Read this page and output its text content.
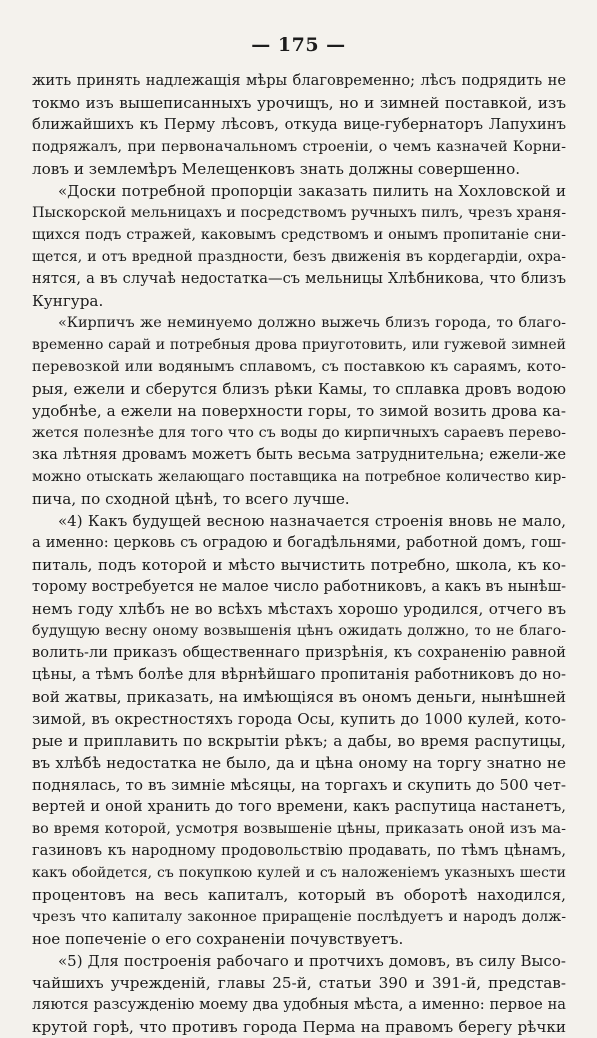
— 175 —
жить принять надлежащія мѣры благовременно; лѣсъ подрядить не
токмо изъ вышеписанныхъ урочищъ, но и зимней поставкой, изъ
ближайшихъ къ Перму лѣсовъ, откуда вице-губернаторъ Лапухинъ
подряжалъ, при первоначальномъ строеніи, о чемъ казначей Корни-
ловъ и землемѣръ Мелещенковъ знать должны совершенно.
«Доски потребной пропорціи заказать пилить на Хохловской и
Пыскорской мельницахъ и посредствомъ ручныхъ пилъ, чрезъ храня-
щихся подъ стражей, каковымъ средствомъ и онымъ пропитаніе сни-
щется, и отъ вредной праздности, безъ движенія въ кордегардіи, охра-
нятся, а въ случаѣ недостатка—съ мельницы Хлѣбникова, что близъ
Кунгура.
«Кирпичъ же неминуемо должно выжечь близъ города, то благо-
временно сарай и потребныя дрова приуготовить, или гужевой зимней
перевозкой или водянымъ сплавомъ, съ поставкою къ сараямъ, кото-
рыя, ежели и сберутся близъ рѣки Камы, то сплавка дровъ водою
удобнѣе, а ежели на поверхности горы, то зимой возить дрова ка-
жется полезнѣе для того что съ воды до кирпичныхъ сараевъ перево-
зка лѣтняя дровамъ можетъ быть весьма затруднительна; ежели-же
можно отыскать желающаго поставщика на потребное количество кир-
пича, по сходной цѣнѣ, то всего лучше.
«4) Какъ будущей весною назначается строенія вновь не мало,
а именно: церковь съ оградою и богадѣльнями, работной домъ, гош-
питаль, подъ которой и мѣсто вычистить потребно, школа, къ ко-
торому востребуется не малое число работниковъ, а какъ въ нынѣш-
немъ году хлѣбъ не во всѣхъ мѣстахъ хорошо уродился, отчего въ
будущую весну оному возвышенія цѣнъ ожидать должно, то не благо-
волить-ли приказъ общественнаго призрѣнія, къ сохраненію равной
цѣны, а тѣмъ болѣе для вѣрнѣйшаго пропитанія работниковъ до но-
вой жатвы, приказать, на имѣющіяся въ ономъ деньги, нынѣшней
зимой, въ окрестностяхъ города Осы, купить до 1000 кулей, кото-
рые и приплавить по вскрытіи рѣкъ; а дабы, во время распутицы,
въ хлѣбѣ недостатка не было, да и цѣна оному на торгу знатно не
поднялась, то въ зимніе мѣсяцы, на торгахъ и скупить до 500 чет-
вертей и оной хранить до того времени, какъ распутица настанетъ,
во время которой, усмотря возвышеніе цѣны, приказать оной изъ ма-
газиновъ къ народному продовольствію продавать, по тѣмъ цѣнамъ,
какъ обойдется, съ покупкою кулей и съ наложеніемъ указныхъ шести
процентовъ на весь капиталъ, который въ оборотѣ находился,
чрезъ что капиталу законное приращеніе послѣдуетъ и народъ долж-
ное попеченіе о его сохраненіи почувствуетъ.
«5) Для построенія рабочаго и протчихъ домовъ, въ силу Высо-
чайшихъ учрежденій, главы 25-й, статьи 390 и 391-й, представ-
ляются разсужденію моему два удобныя мѣста, а именно: первое на
крутой горѣ, что противъ города Перма на правомъ берегу рѣчки
